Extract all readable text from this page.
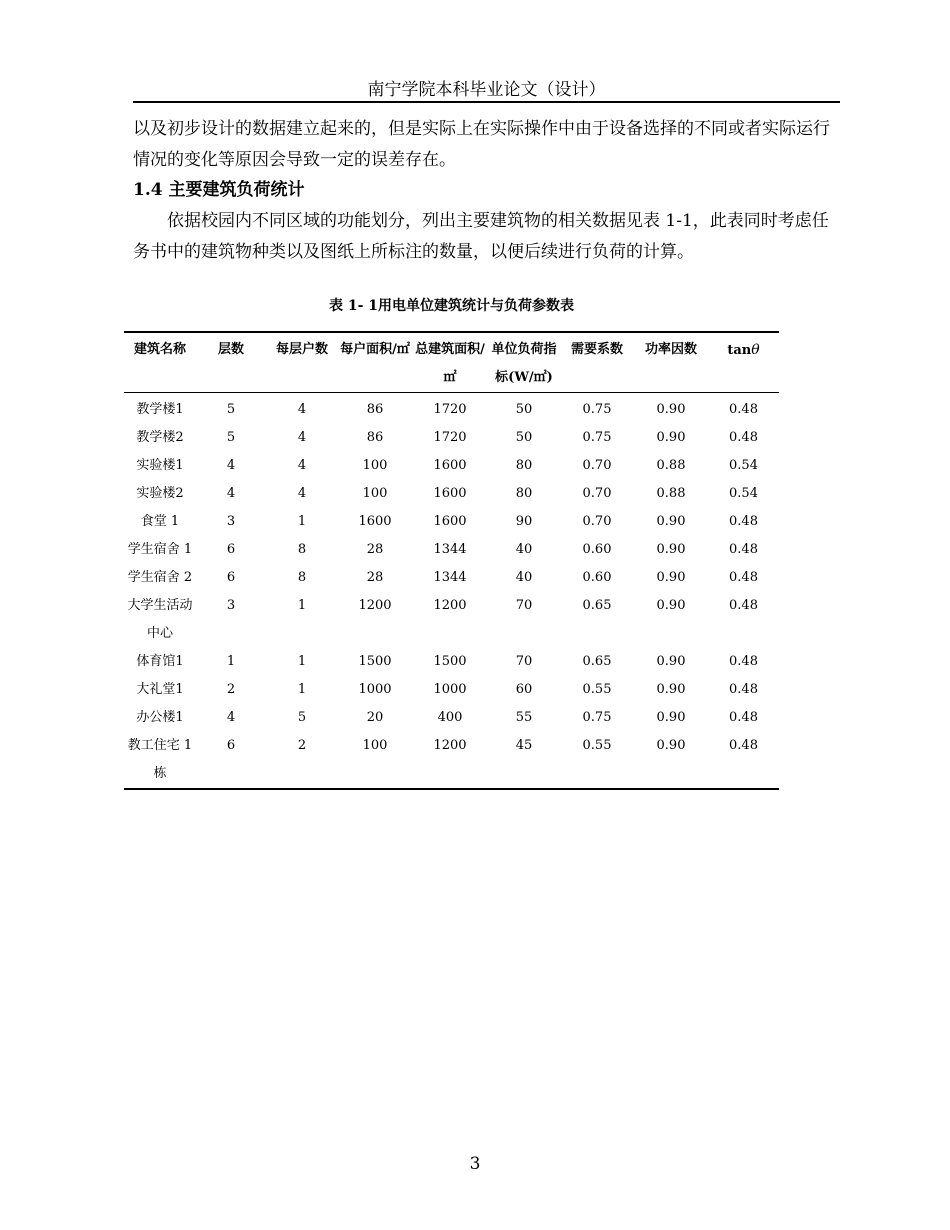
南宁学院本科毕业论文（设计）

以及初步设计的数据建立起来的，但是实际上在实际操作中由于设备选择的不同或者实际运行情况的变化等原因会导致一定的误差存在。

1.4 主要建筑负荷统计

依据校园内不同区域的功能划分，列出主要建筑物的相关数据见表 1-1，此表同时考虑任务书中的建筑物种类以及图纸上所标注的数量，以便后续进行负荷的计算。

表 1- 1用电单位建筑统计与负荷参数表
建筑名称	层数	每层户数	每户面积/㎡	总建筑面积/㎡	单位负荷指标(W/㎡)	需要系数	功率因数	tanθ
教学楼1	5	4	86	1720	50	0.75	0.90	0.48
教学楼2	5	4	86	1720	50	0.75	0.90	0.48
实验楼1	4	4	100	1600	80	0.70	0.88	0.54
实验楼2	4	4	100	1600	80	0.70	0.88	0.54
食堂 1	3	1	1600	1600	90	0.70	0.90	0.48
学生宿舍 1	6	8	28	1344	40	0.60	0.90	0.48
学生宿舍 2	6	8	28	1344	40	0.60	0.90	0.48
大学生活动中心	3	1	1200	1200	70	0.65	0.90	0.48
体育馆1	1	1	1500	1500	70	0.65	0.90	0.48
大礼堂1	2	1	1000	1000	60	0.55	0.90	0.48
办公楼1	4	5	20	400	55	0.75	0.90	0.48
教工住宅 1 栋	6	2	100	1200	45	0.55	0.90	0.48
3
